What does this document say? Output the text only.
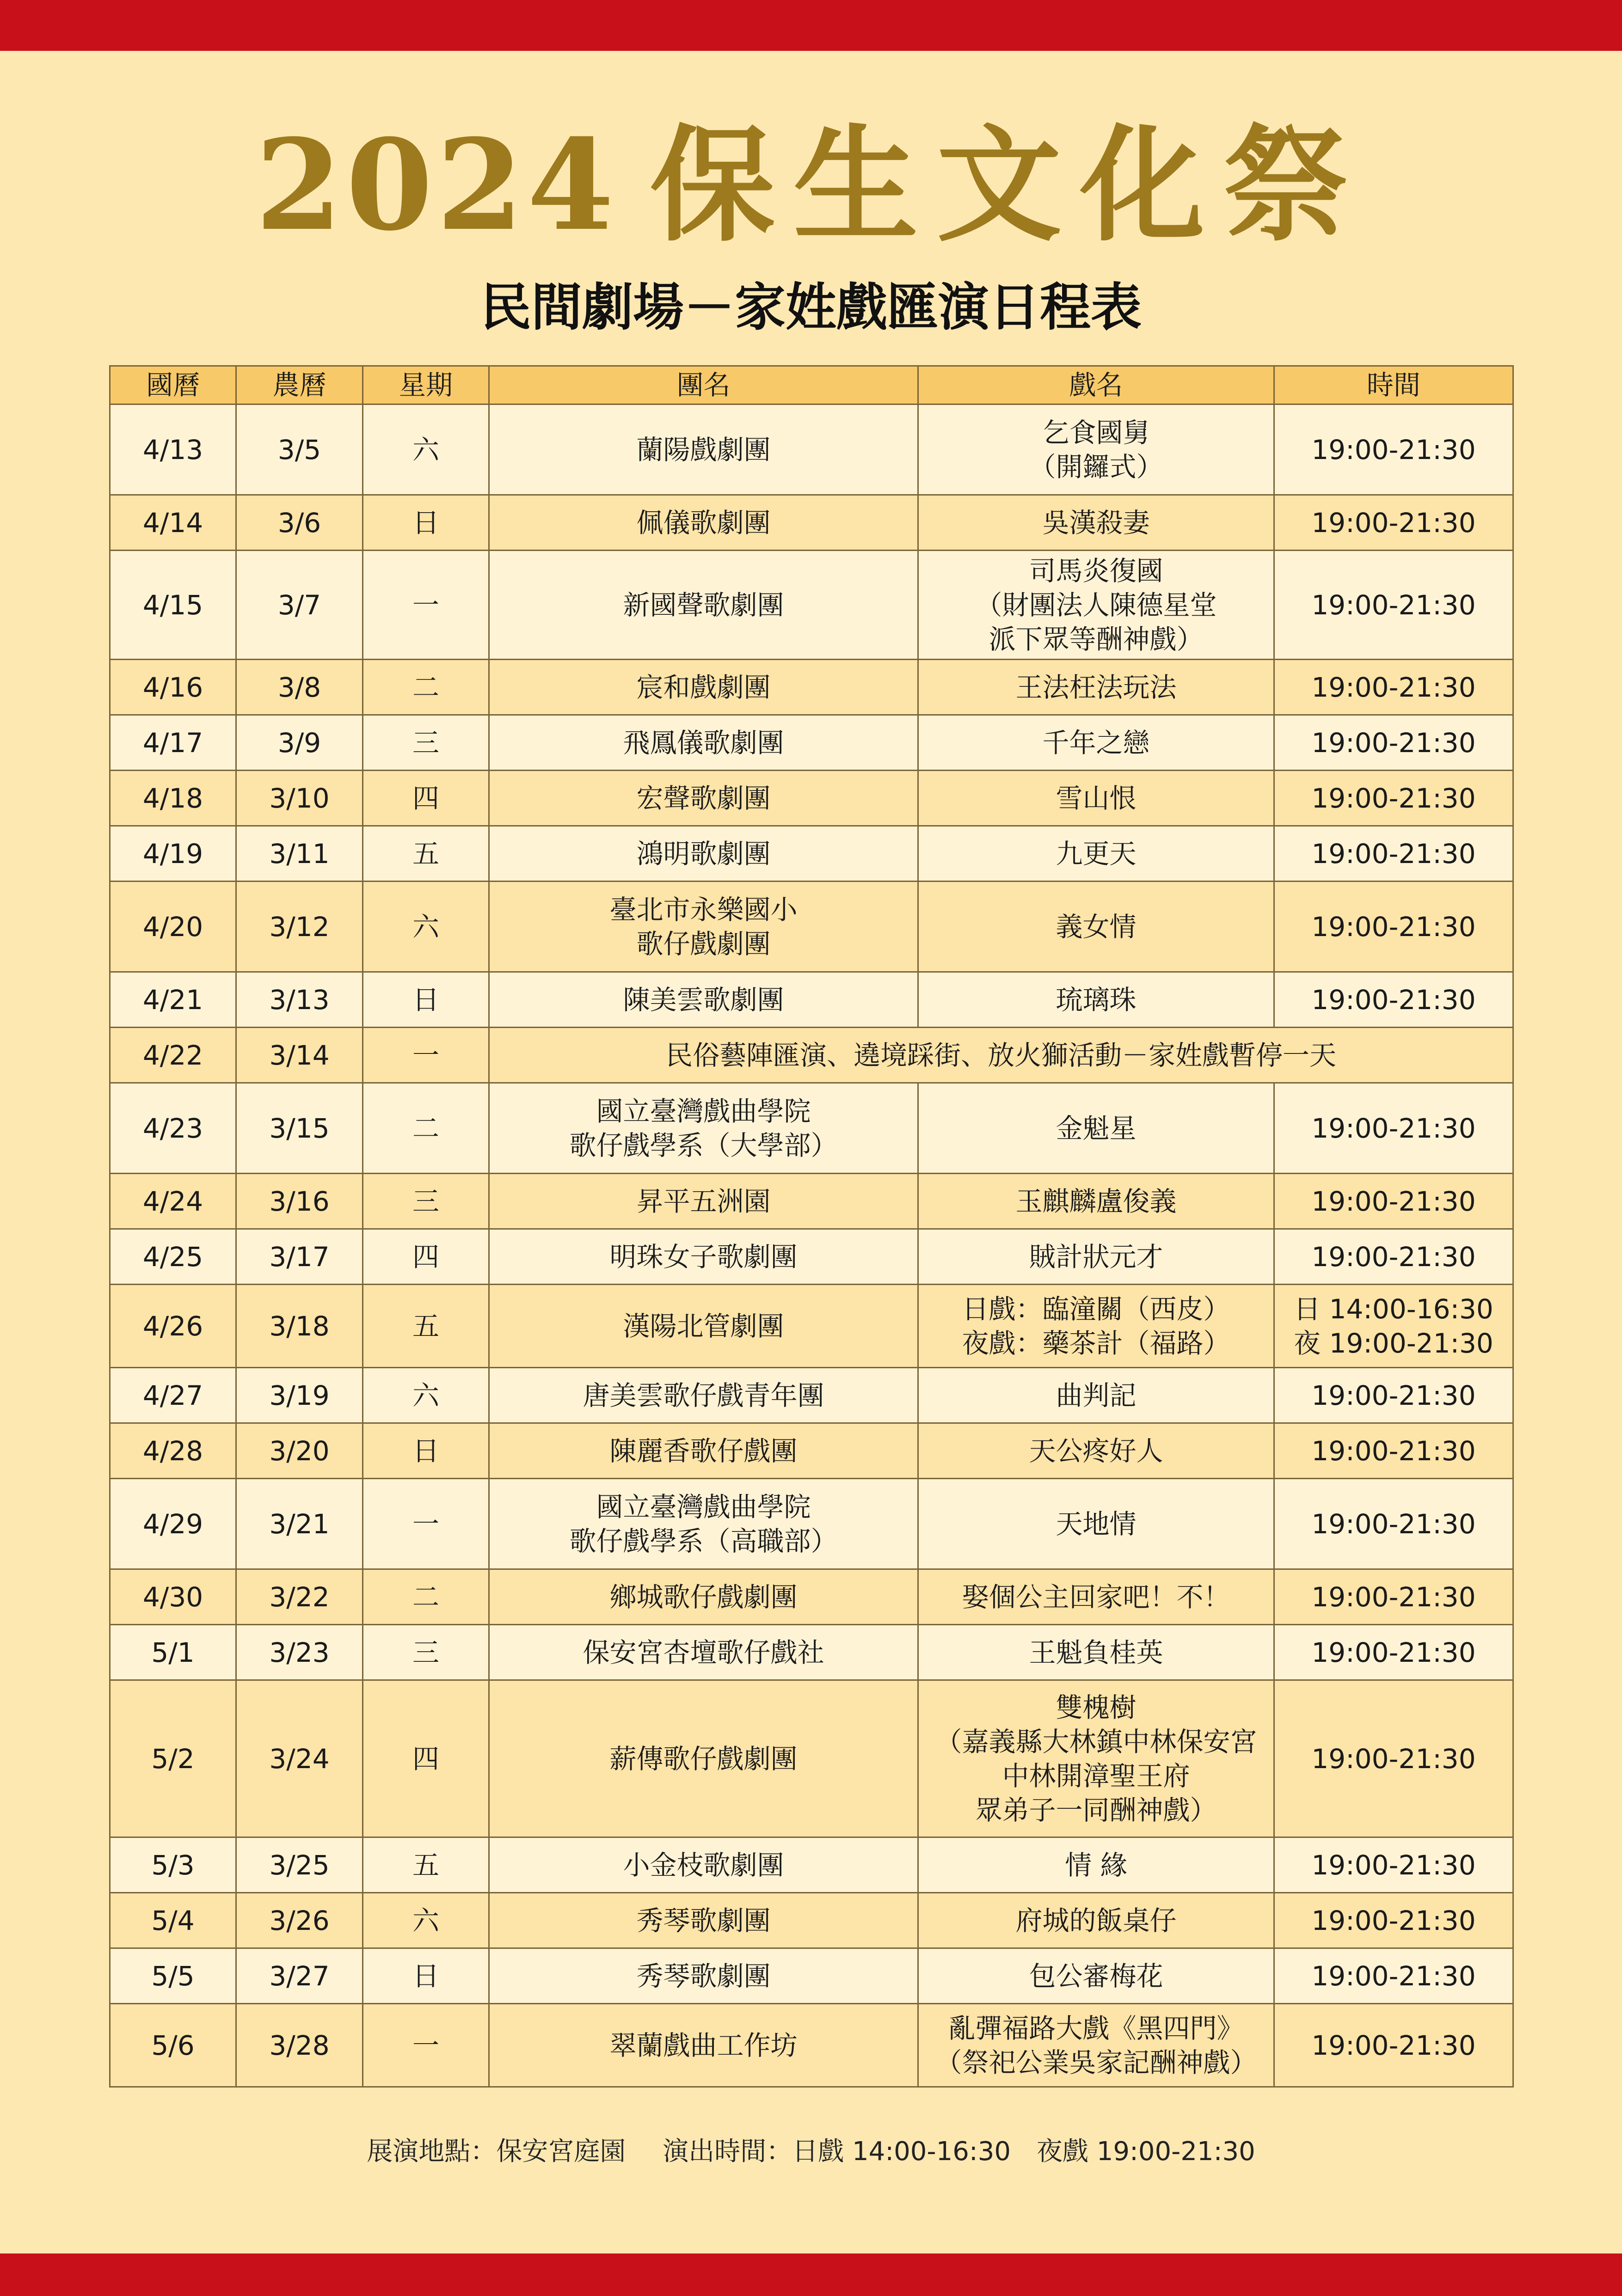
2024 保生文化祭
民間劇場－家姓戲匯演日程表
國曆	農曆	星期	團名	戲名	時間
4/13	3/5	六	蘭陽戲劇團	乞食國舅
（開鑼式）	19:00-21:30

4/14	3/6	日	佩儀歌劇團	吳漢殺妻	19:00-21:30

4/15	3/7	一	新國聲歌劇團	司馬炎復國
（財團法人陳德星堂
派下眾等酬神戲）	19:00-21:30

4/16	3/8	二	宸和戲劇團	王法枉法玩法	19:00-21:30

4/17	3/9	三	飛鳳儀歌劇團	千年之戀	19:00-21:30

4/18	3/10	四	宏聲歌劇團	雪山恨	19:00-21:30

4/19	3/11	五	鴻明歌劇團	九更天	19:00-21:30

4/20	3/12	六	臺北市永樂國小
歌仔戲劇團	義女情	19:00-21:30

4/21	3/13	日	陳美雲歌劇團	琉璃珠	19:00-21:30

4/22	3/14	一	民俗藝陣匯演、遶境踩街、放火獅活動－家姓戲暫停一天		
4/23	3/15	二	國立臺灣戲曲學院
歌仔戲學系（大學部）	金魁星	19:00-21:30

4/24	3/16	三	昇平五洲園	玉麒麟盧俊義	19:00-21:30

4/25	3/17	四	明珠女子歌劇團	賊計狀元才	19:00-21:30

4/26	3/18	五	漢陽北管劇團	日戲：臨潼關（西皮）
夜戲：藥茶計（福路）	日 14:00-16:30
夜 19:00-21:30

4/27	3/19	六	唐美雲歌仔戲青年團	曲判記	19:00-21:30

4/28	3/20	日	陳麗香歌仔戲團	天公疼好人	19:00-21:30

4/29	3/21	一	國立臺灣戲曲學院
歌仔戲學系（高職部）	天地情	19:00-21:30

4/30	3/22	二	鄉城歌仔戲劇團	娶個公主回家吧！不！	19:00-21:30

5/1	3/23	三	保安宮杏壇歌仔戲社	王魁負桂英	19:00-21:30

5/2	3/24	四	薪傳歌仔戲劇團	雙槐樹
（嘉義縣大林鎮中林保安宮
中林開漳聖王府
眾弟子一同酬神戲）	19:00-21:30

5/3	3/25	五	小金枝歌劇團	情 緣	19:00-21:30

5/4	3/26	六	秀琴歌劇團	府城的飯桌仔	19:00-21:30

5/5	3/27	日	秀琴歌劇團	包公審梅花	19:00-21:30

5/6	3/28	一	翠蘭戲曲工作坊	亂彈福路大戲《黑四門》
（祭祀公業吳家記酬神戲）	19:00-21:30
展演地點：保安宮庭園 演出時間：日戲 14:00-16:30　夜戲 19:00-21:30
